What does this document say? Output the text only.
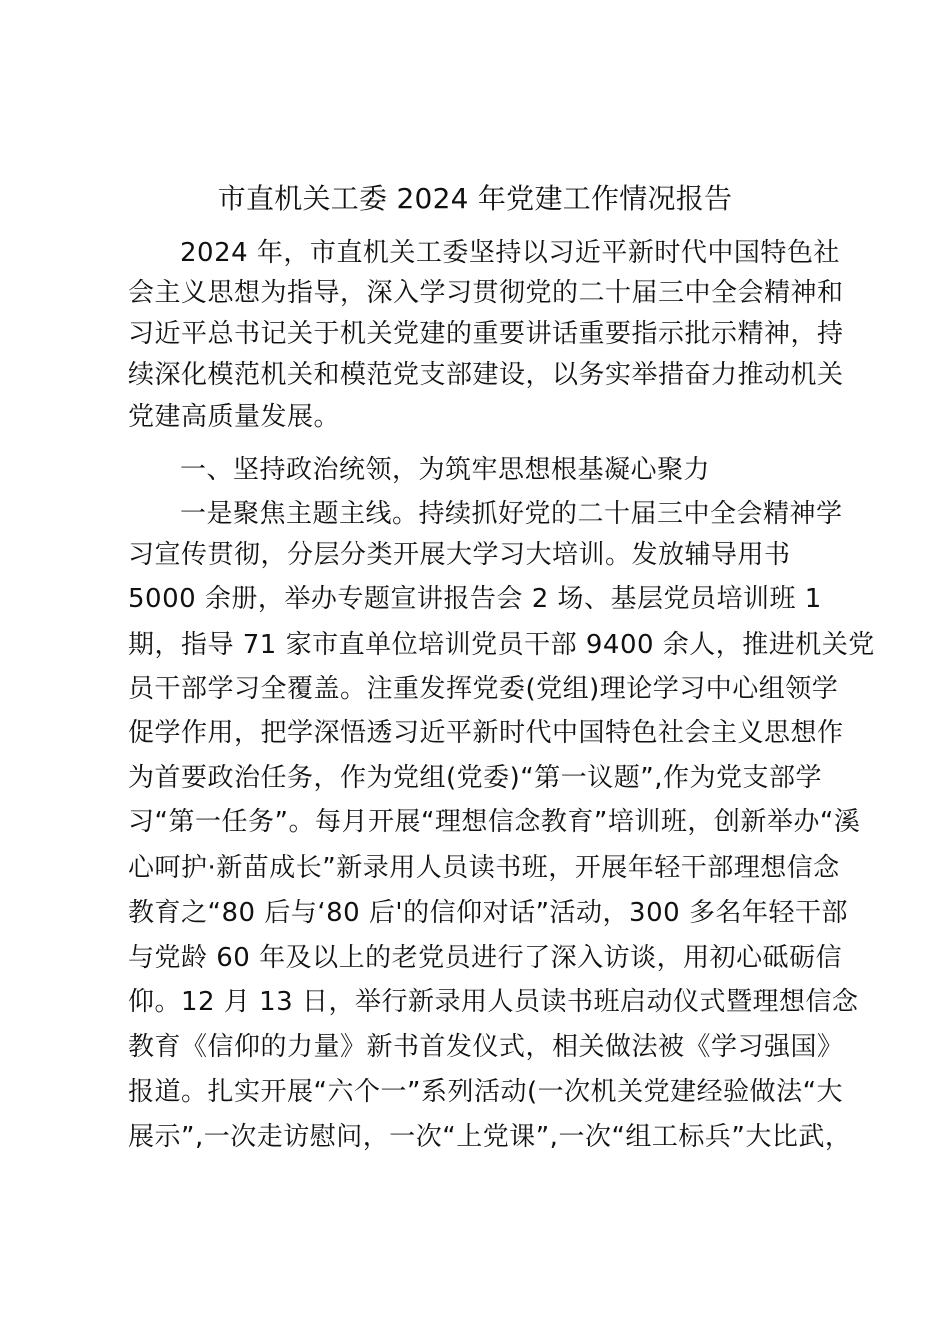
市直机关工委 2024 年党建工作情况报告
2024 年，市直机关工委坚持以习近平新时代中国特色社
会主义思想为指导，深入学习贯彻党的二十届三中全会精神和
习近平总书记关于机关党建的重要讲话重要指示批示精神，持
续深化模范机关和模范党支部建设，以务实举措奋力推动机关
党建高质量发展。
一、坚持政治统领，为筑牢思想根基凝心聚力
一是聚焦主题主线。持续抓好党的二十届三中全会精神学
习宣传贯彻，分层分类开展大学习大培训。发放辅导用书
5000 余册，举办专题宣讲报告会 2 场、基层党员培训班 1
期，指导 71 家市直单位培训党员干部 9400 余人，推进机关党
员干部学习全覆盖。注重发挥党委(党组)理论学习中心组领学
促学作用，把学深悟透习近平新时代中国特色社会主义思想作
为首要政治任务，作为党组(党委)“第一议题”,作为党支部学
习“第一任务”。每月开展“理想信念教育”培训班，创新举办“溪
心呵护·新苗成长”新录用人员读书班，开展年轻干部理想信念
教育之“80 后与‘80 后'的信仰对话”活动，300 多名年轻干部
与党龄 60 年及以上的老党员进行了深入访谈，用初心砥砺信
仰。12 月 13 日，举行新录用人员读书班启动仪式暨理想信念
教育《信仰的力量》新书首发仪式，相关做法被《学习强国》
报道。扎实开展“六个一”系列活动(一次机关党建经验做法“大
展示”,一次走访慰问，一次“上党课”,一次“组工标兵”大比武，
